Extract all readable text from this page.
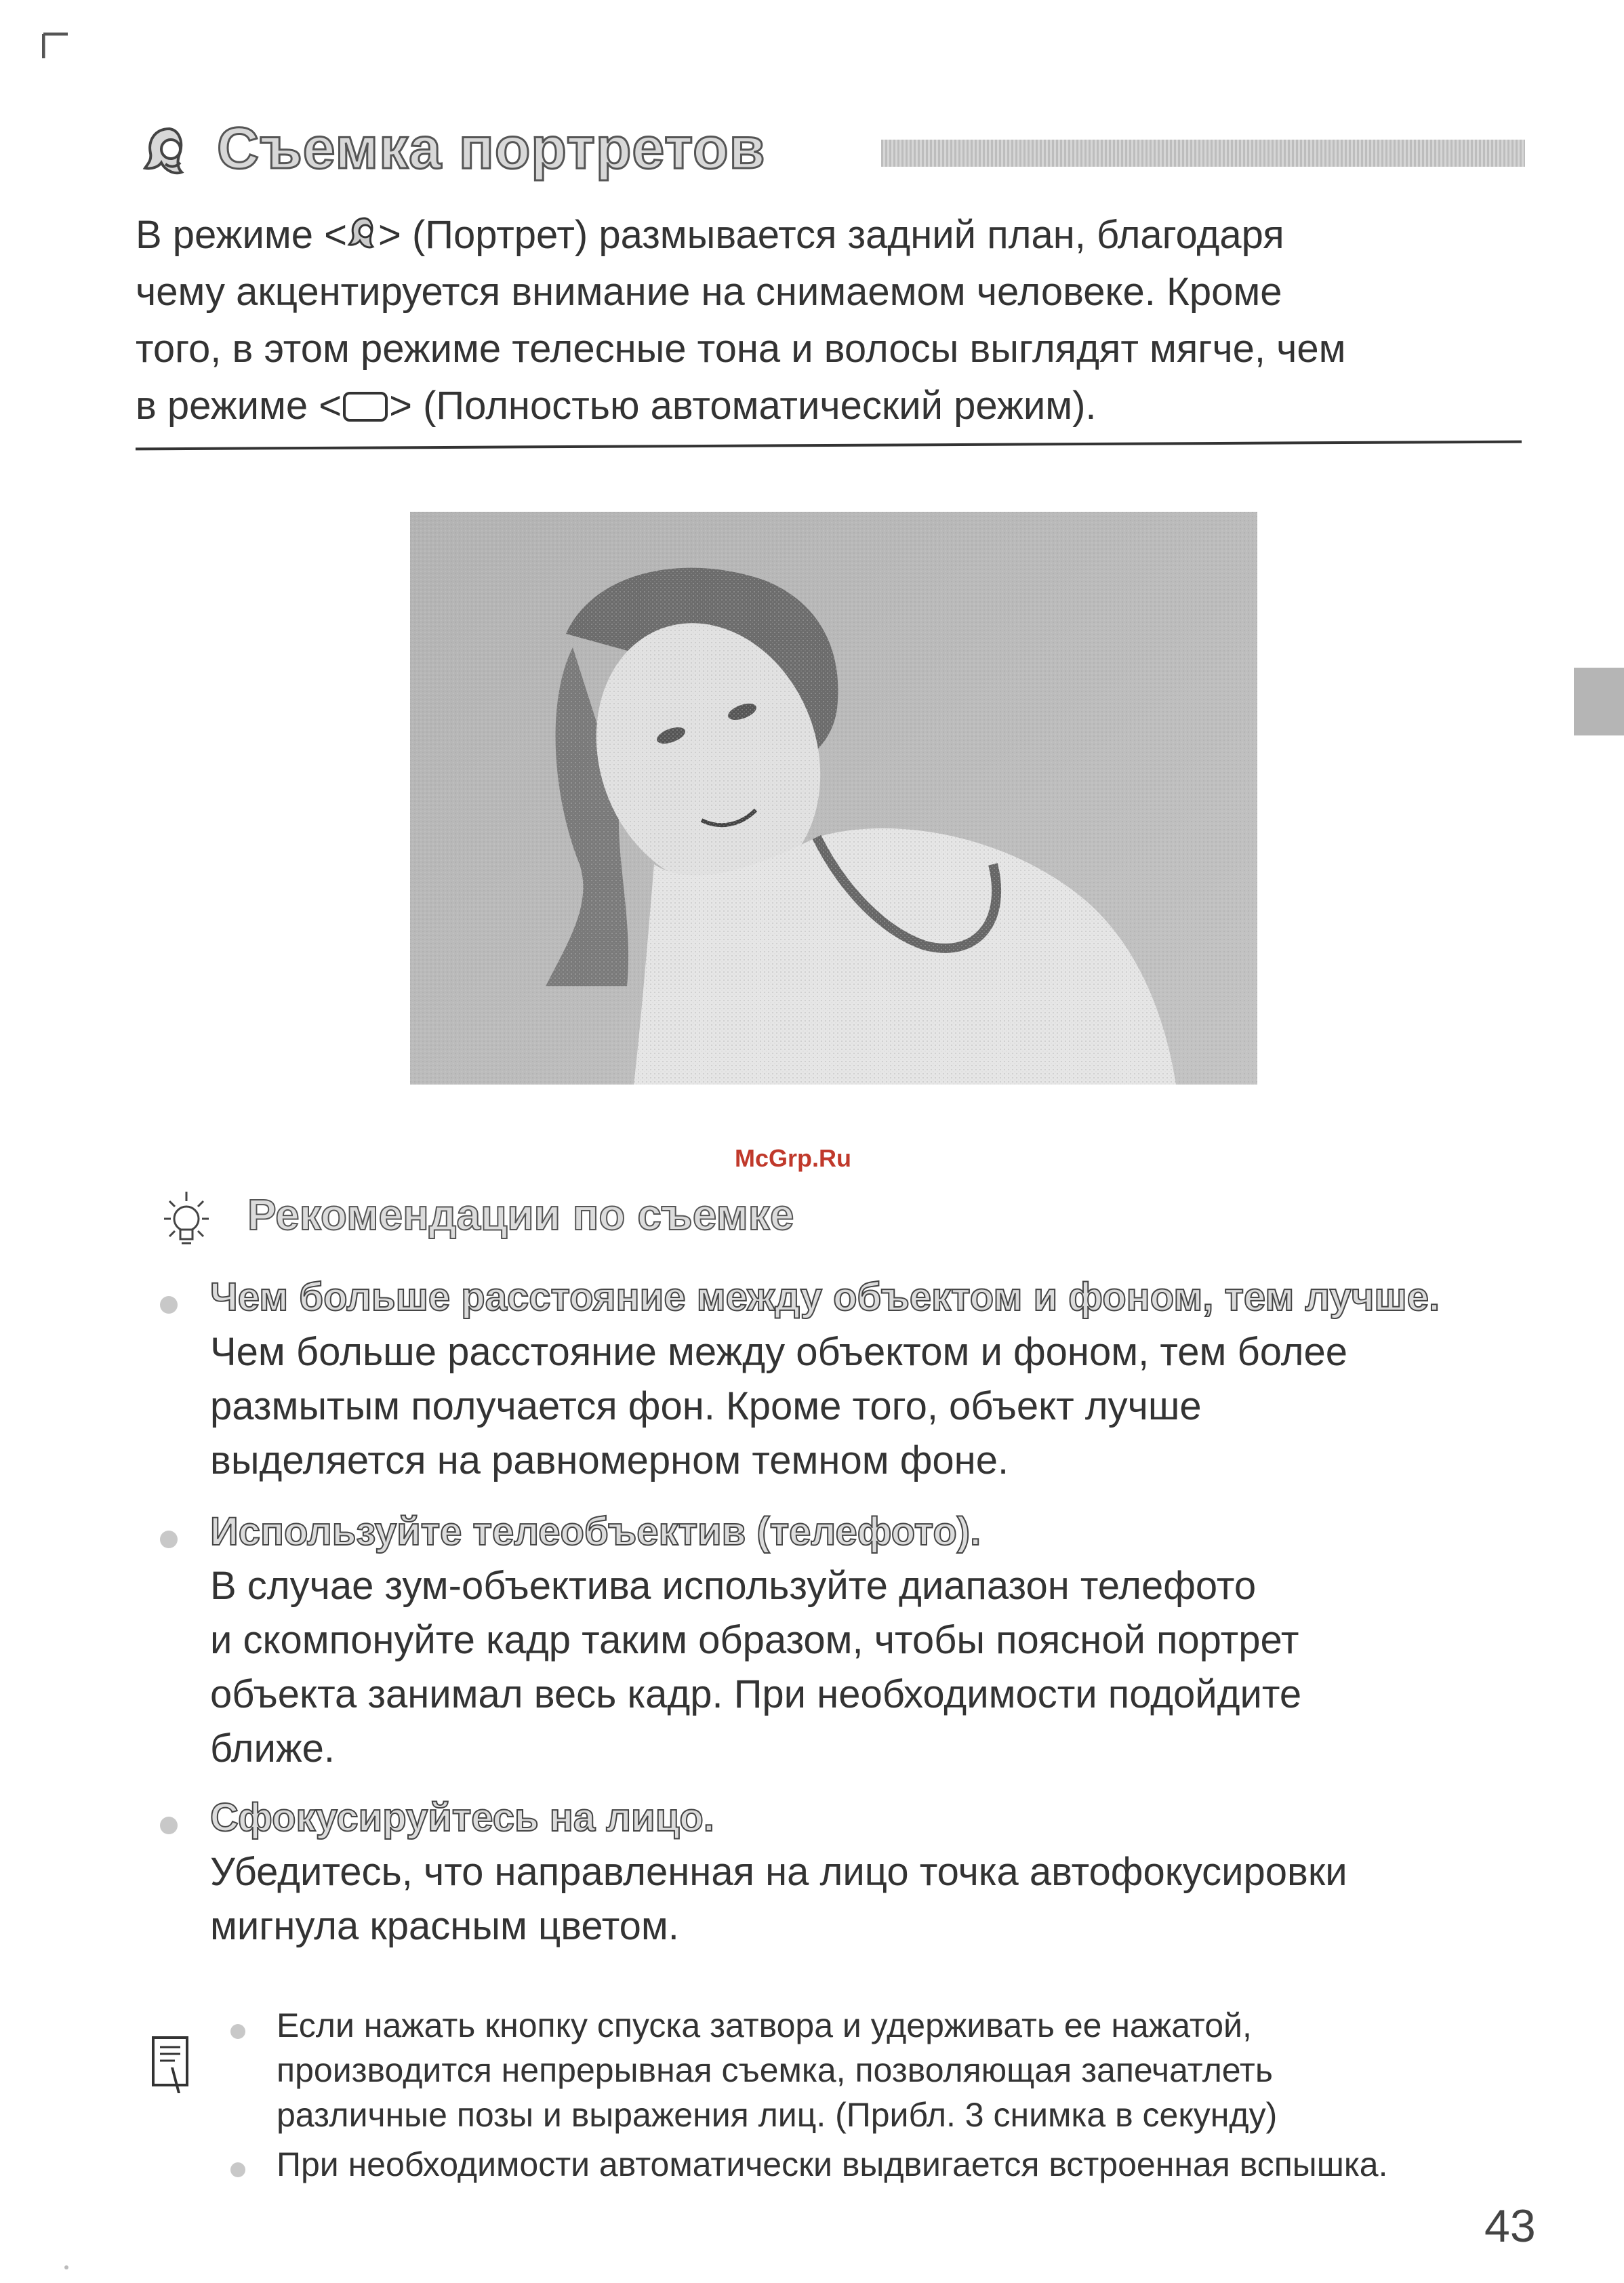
Съемка портретов

В режиме < > (Портрет) размывается задний план, благодаря

чему акцентируется внимание на снимаемом человеке. Кроме

того, в этом режиме телесные тона и волосы выглядят мягче, чем

в режиме < > (Полностью автоматический режим).

McGrp.Ru
Рекомендации по съемке
Чем больше расстояние между объектом и фоном, тем лучше.

Чем больше расстояние между объектом и фоном, тем более

размытым получается фон. Кроме того, объект лучше

выделяется на равномерном темном фоне.

Используйте телеобъектив (телефото).

В случае зум-объектива используйте диапазон телефото

и скомпонуйте кадр таким образом, чтобы поясной портрет

объекта занимал весь кадр. При необходимости подойдите

ближе.

Сфокусируйтесь на лицо.

Убедитесь, что направленная на лицо точка автофокусировки

мигнула красным цветом.

Если нажать кнопку спуска затвора и удерживать ее нажатой,

производится непрерывная съемка, позволяющая запечатлеть

различные позы и выражения лиц. (Прибл. 3 снимка в секунду)

При необходимости автоматически выдвигается встроенная вспышка.

43
